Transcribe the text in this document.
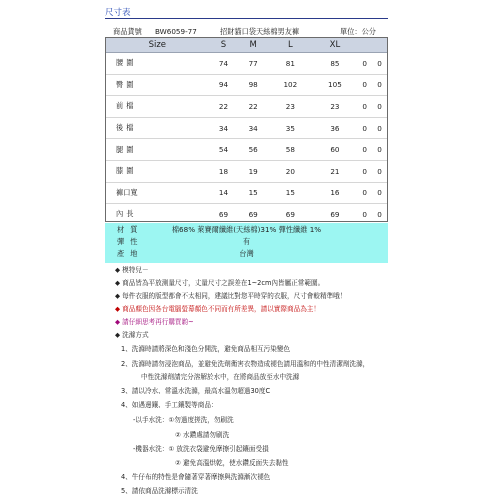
尺寸表
商品貨號 BW6059-77	招財貓口袋天絲棉男友褲	單位：公分
Size	S	M	L	XL		
腰圍	74	77	81	85	0	0
臀圍	94	98	102	105	0	0
前檔	22	22	23	23	0	0
後檔	34	34	35	36	0	0
腿圍	54	56	58	60	0	0
膝圍	18	19	20	21	0	0
褲口寬	14	15	15	16	0	0
內長	69	69	69	69	0	0
材質	棉68% 萊賽爾纖維(天絲棉)31% 彈性纖維 1%
彈性	有
產地	台灣
◆ 模特兒－
◆ 商品皆為平放測量尺寸，丈量尺寸之誤差在1~2cm內皆屬正常範圍。
◆ 每件衣服的版型都會不太相同，建議比對您平時穿的衣服，尺寸會較精準哦！
◆ 商品顏色因各台電腦螢幕顏色不同而有所差異，請以實際商品為主！
◆ 請仔細思考再行購買喲~
◆ 洗滌方式
1、洗滌時請將深色和淺色分開洗，避免商品相互污染變色
2、洗滌時請勿浸泡商品，並避免洗劑衛害衣物造成褪色請用溫和的中性清潔劑洗滌，
中性洗滌劑請完分溶解於水中，在將商品放至水中洗滌
3、請以冷水、常溫水洗滌，最高水溫勿超過30度C
4、如遇邊鑲、手工鑲製等商品：
-以手水洗：①勿過度搓洗，勿刷洗
② 水鑽處請勿刷洗
-機器水洗：① 放洗衣袋避免摩擦引起鑲面受損
② 避免高溫烘乾，使水鑽反面失去黏性
4、牛仔布的特性是會隨著穿著摩擦與洗滌漸次褪色
5、請依商品洗滌標示清洗
